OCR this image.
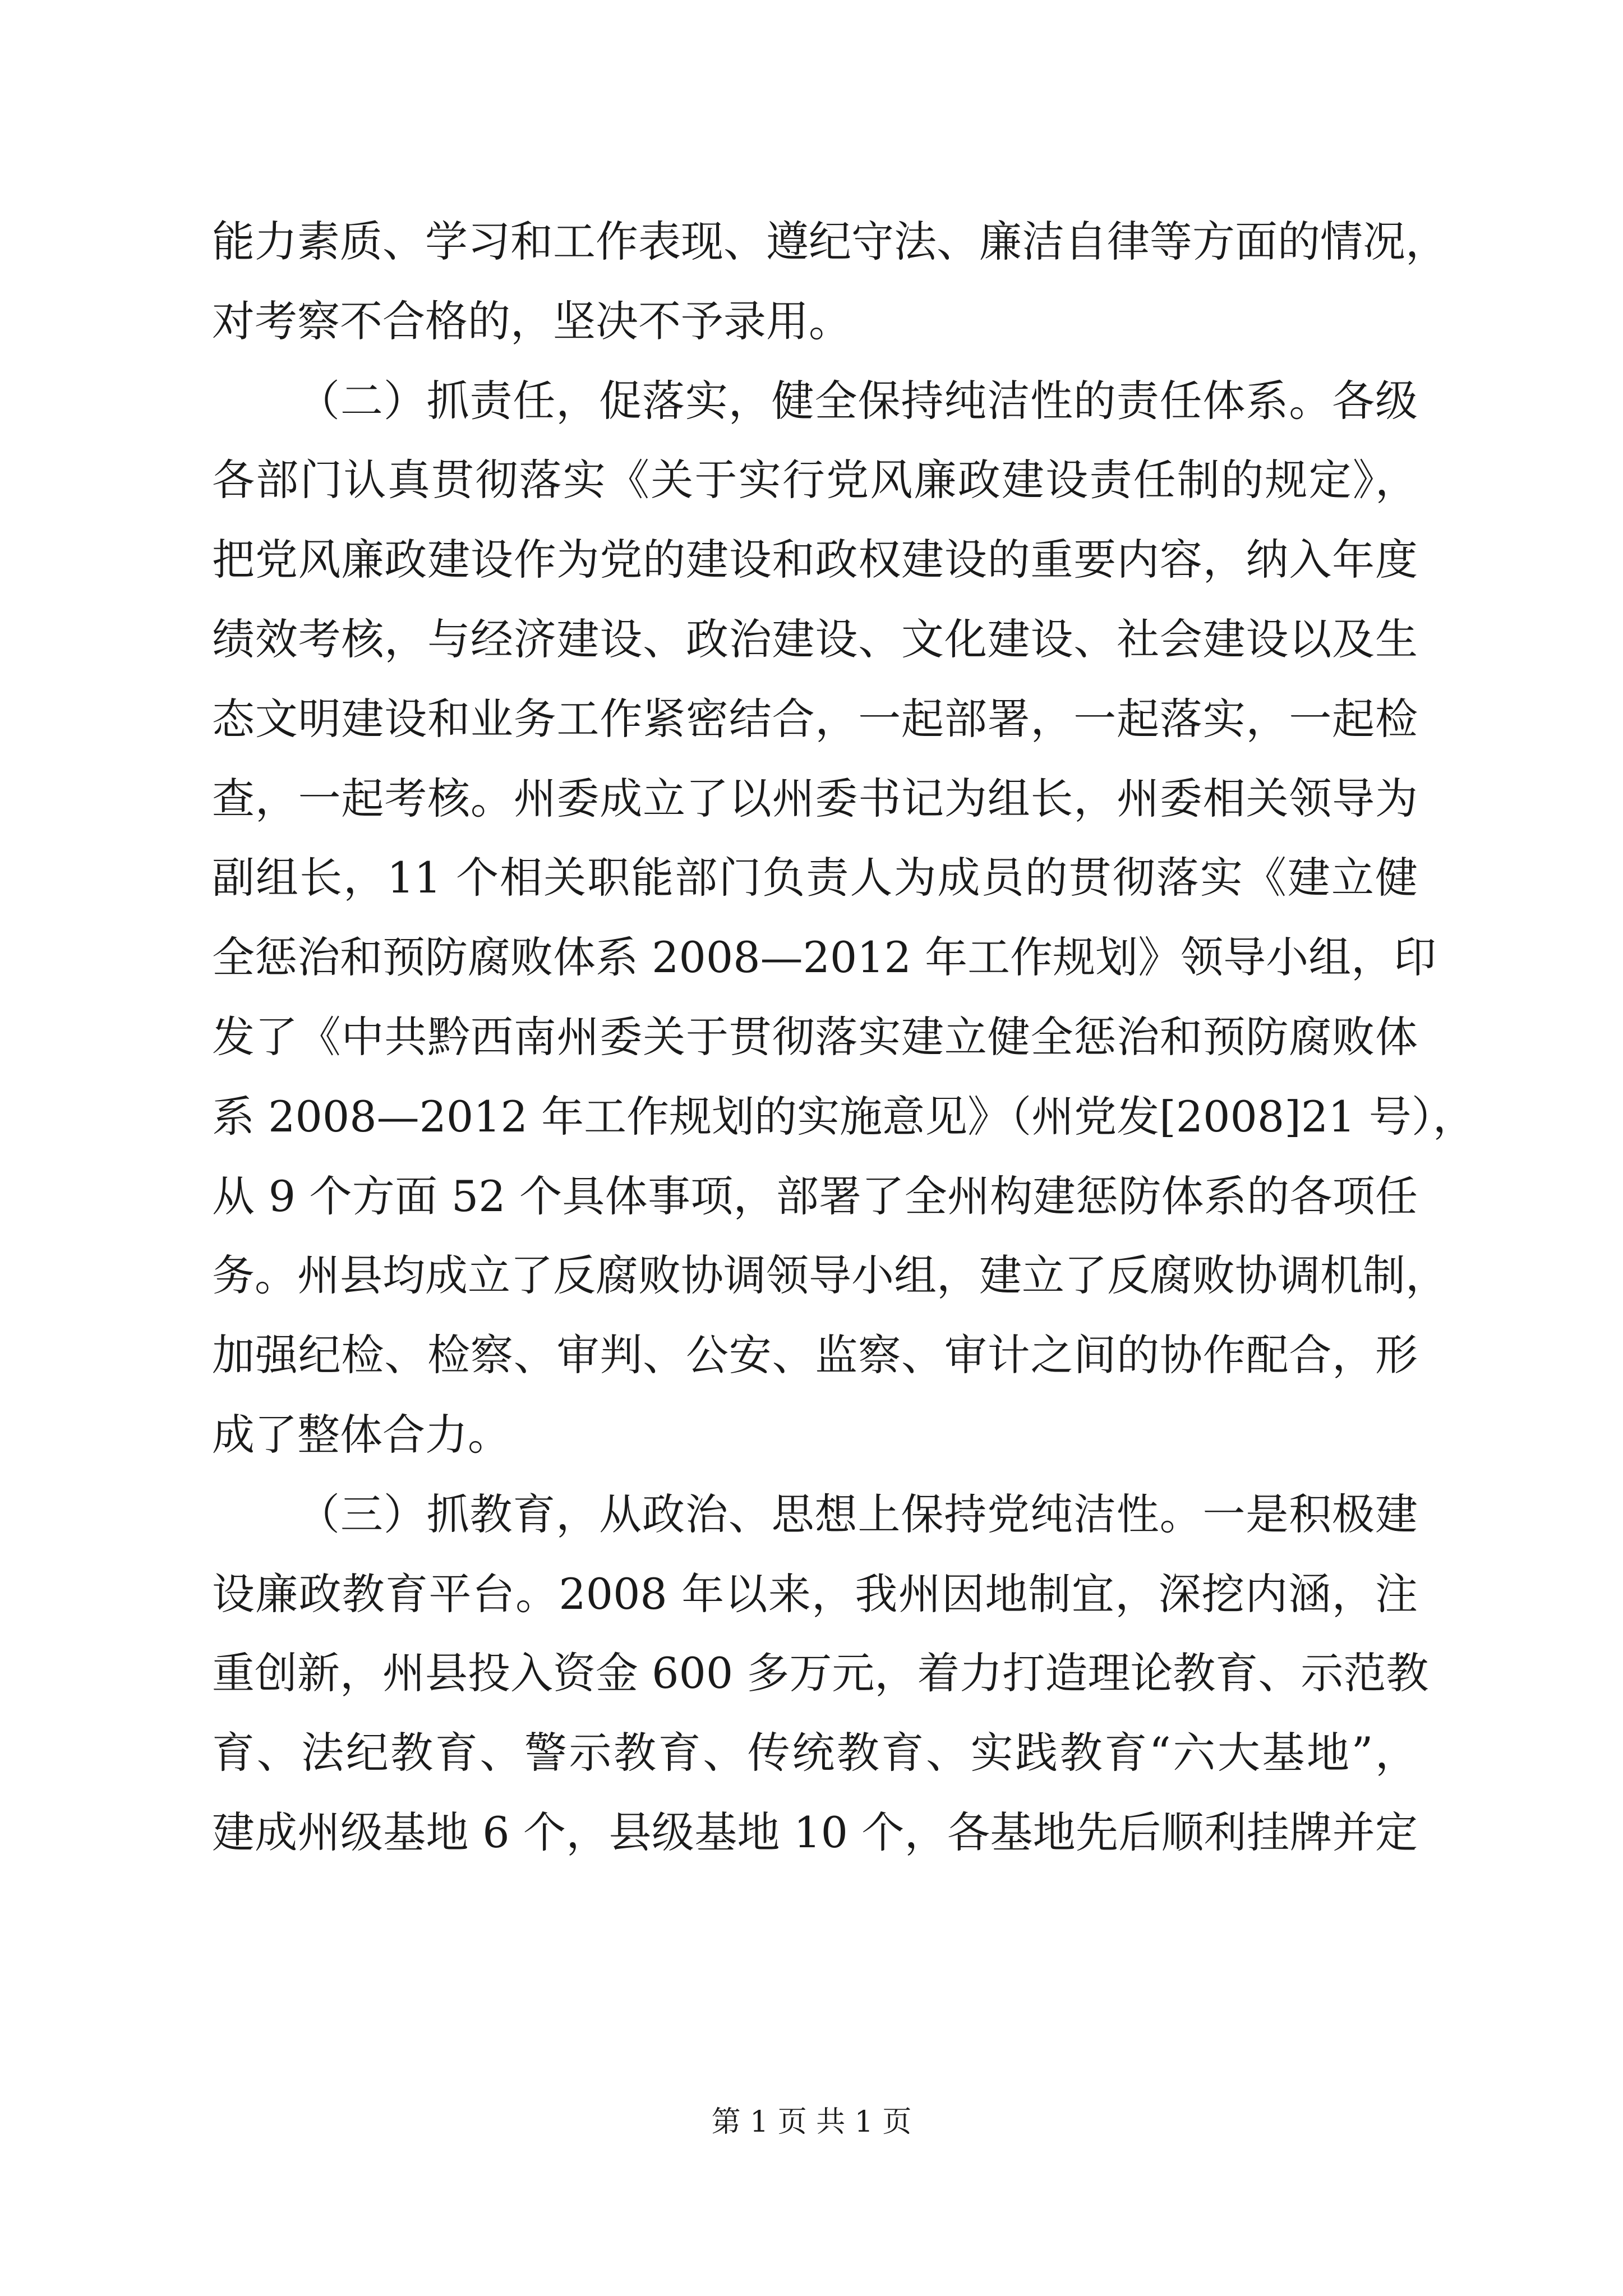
能力素质、学习和工作表现、遵纪守法、廉洁自律等方面的情况，
对考察不合格的，坚决不予录用。
（二）抓责任，促落实，健全保持纯洁性的责任体系。各级
各部门认真贯彻落实《关于实行党风廉政建设责任制的规定》，
把党风廉政建设作为党的建设和政权建设的重要内容，纳入年度
绩效考核，与经济建设、政治建设、文化建设、社会建设以及生
态文明建设和业务工作紧密结合，一起部署，一起落实，一起检
查，一起考核。州委成立了以州委书记为组长，州委相关领导为
副组长，11 个相关职能部门负责人为成员的贯彻落实《建立健
全惩治和预防腐败体系 2008—2012 年工作规划》领导小组，印
发了《中共黔西南州委关于贯彻落实建立健全惩治和预防腐败体
系 2008—2012 年工作规划的实施意见》（州党发[2008]21 号），
从 9 个方面 52 个具体事项，部署了全州构建惩防体系的各项任
务。州县均成立了反腐败协调领导小组，建立了反腐败协调机制，
加强纪检、检察、审判、公安、监察、审计之间的协作配合，形
成了整体合力。
（三）抓教育，从政治、思想上保持党纯洁性。一是积极建
设廉政教育平台。2008 年以来，我州因地制宜，深挖内涵，注
重创新，州县投入资金 600 多万元，着力打造理论教育、示范教
育、法纪教育、警示教育、传统教育、实践教育“六大基地”，
建成州级基地 6 个，县级基地 10 个，各基地先后顺利挂牌并定
第 1 页 共 1 页
